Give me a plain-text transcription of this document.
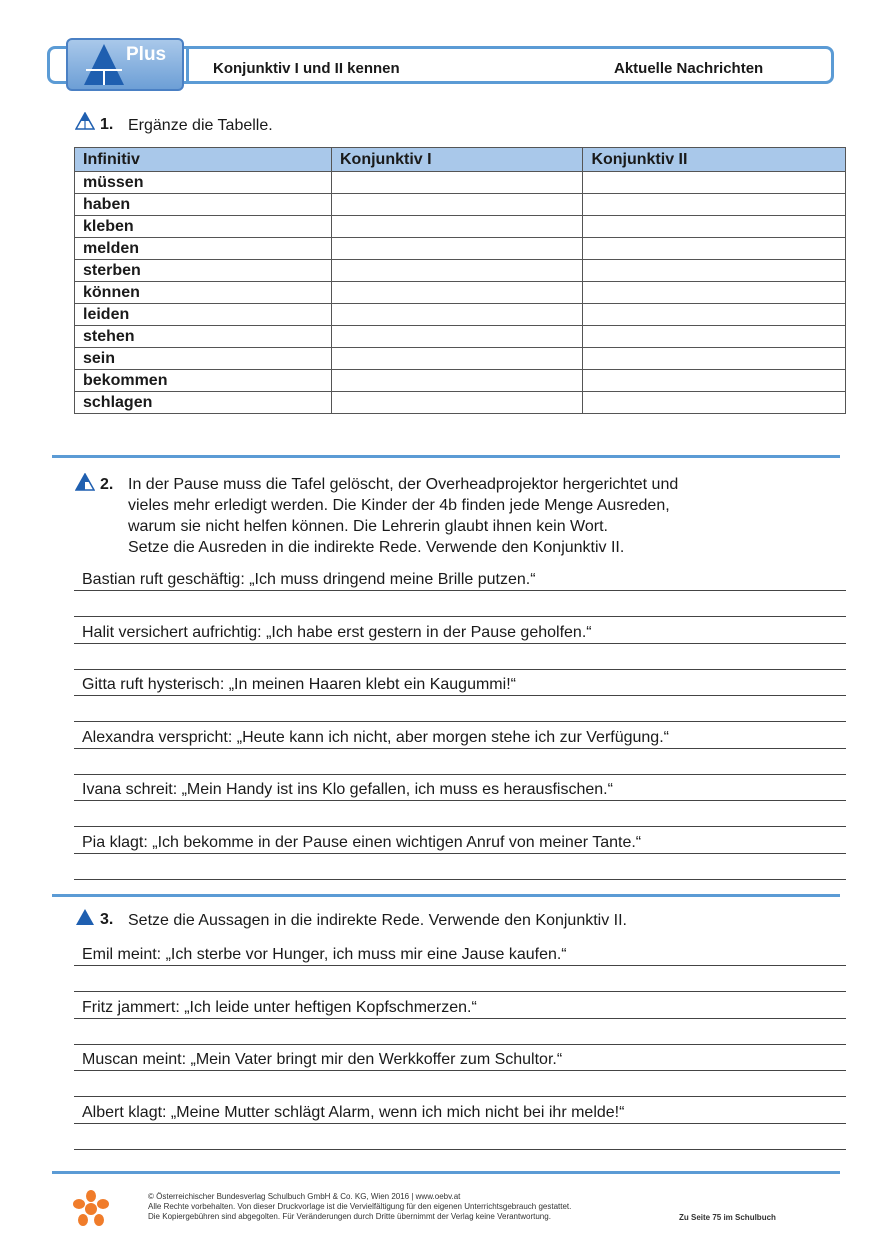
Plus
Konjunktiv I und II kennen	Aktuelle Nachrichten
1. Ergänze die Tabelle.
Infinitiv	Konjunktiv I	Konjunktiv II
müssen		
haben		
kleben		
melden		
sterben		
können		
leiden		
stehen		
sein		
bekommen		
schlagen		
2. In der Pause muss die Tafel gelöscht, der Overheadprojektor hergerichtet und
vieles mehr erledigt werden. Die Kinder der 4b finden jede Menge Ausreden,
warum sie nicht helfen können. Die Lehrerin glaubt ihnen kein Wort.
Setze die Ausreden in die indirekte Rede. Verwende den Konjunktiv II.
Bastian ruft geschäftig: „Ich muss dringend meine Brille putzen.“
Halit versichert aufrichtig: „Ich habe erst gestern in der Pause geholfen.“
Gitta ruft hysterisch: „In meinen Haaren klebt ein Kaugummi!“
Alexandra verspricht: „Heute kann ich nicht, aber morgen stehe ich zur Verfügung.“
Ivana schreit: „Mein Handy ist ins Klo gefallen, ich muss es herausfischen.“
Pia klagt: „Ich bekomme in der Pause einen wichtigen Anruf von meiner Tante.“
3. Setze die Aussagen in die indirekte Rede. Verwende den Konjunktiv II.
Emil meint: „Ich sterbe vor Hunger, ich muss mir eine Jause kaufen.“
Fritz jammert: „Ich leide unter heftigen Kopfschmerzen.“
Muscan meint: „Mein Vater bringt mir den Werkkoffer zum Schultor.“
Albert klagt: „Meine Mutter schlägt Alarm, wenn ich mich nicht bei ihr melde!“
© Österreichischer Bundesverlag Schulbuch GmbH & Co. KG, Wien 2016 | www.oebv.at
Alle Rechte vorbehalten. Von dieser Druckvorlage ist die Vervielfältigung für den eigenen Unterrichtsgebrauch gestattet.
Die Kopiergebühren sind abgegolten. Für Veränderungen durch Dritte übernimmt der Verlag keine Verantwortung.	Zu Seite 75 im Schulbuch
